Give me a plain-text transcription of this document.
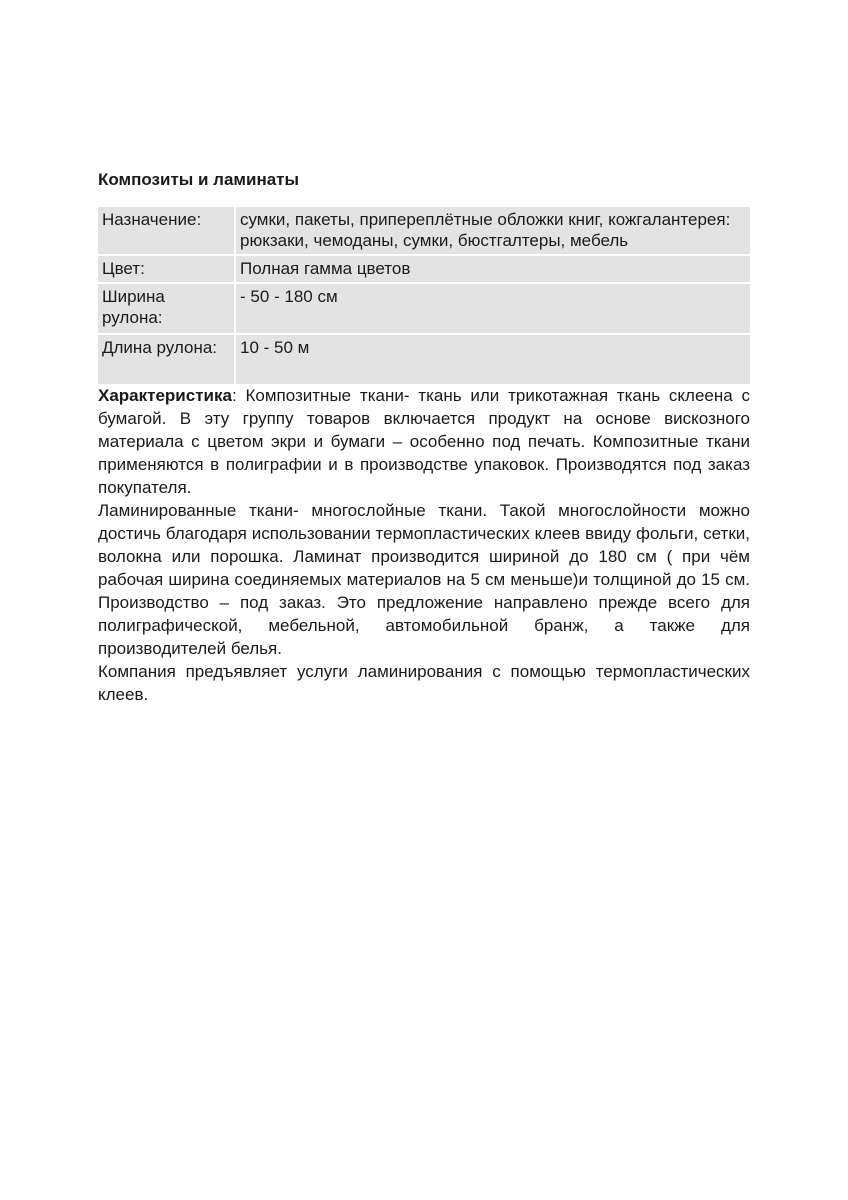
Композиты и ламинаты
Назначение:	сумки, пакеты, припереплётные обложки книг, кожгалантерея: рюкзаки, чемоданы, сумки, бюстгалтеры, мебель
Цвет:	Полная гамма цветов
Ширина рулона:	- 50 - 180 см
Длина рулона:	10 - 50 м

Характеристика: Композитные ткани- ткань или трикотажная ткань склеена с бумагой. В эту группу товаров включается продукт на основе вискозного материала с цветом экри и бумаги – особенно под печать. Композитные ткани применяются в полиграфии и в производстве упаковок. Производятся под заказ покупателя.

Ламинированные ткани- многослойные ткани. Такой многослойности можно достичь благодаря использовании термопластических клеев ввиду фольги, сетки, волокна или порошка. Ламинат производится шириной до 180 см ( при чём рабочая ширина соединяемых материалов на 5 см меньше)и толщиной до 15 см. Производство – под заказ. Это предложение направлено прежде всего для полиграфической, мебельной, автомобильной бранж, а также для производителей белья.

Компания предъявляет услуги ламинирования с помощью термопластических клеев.
